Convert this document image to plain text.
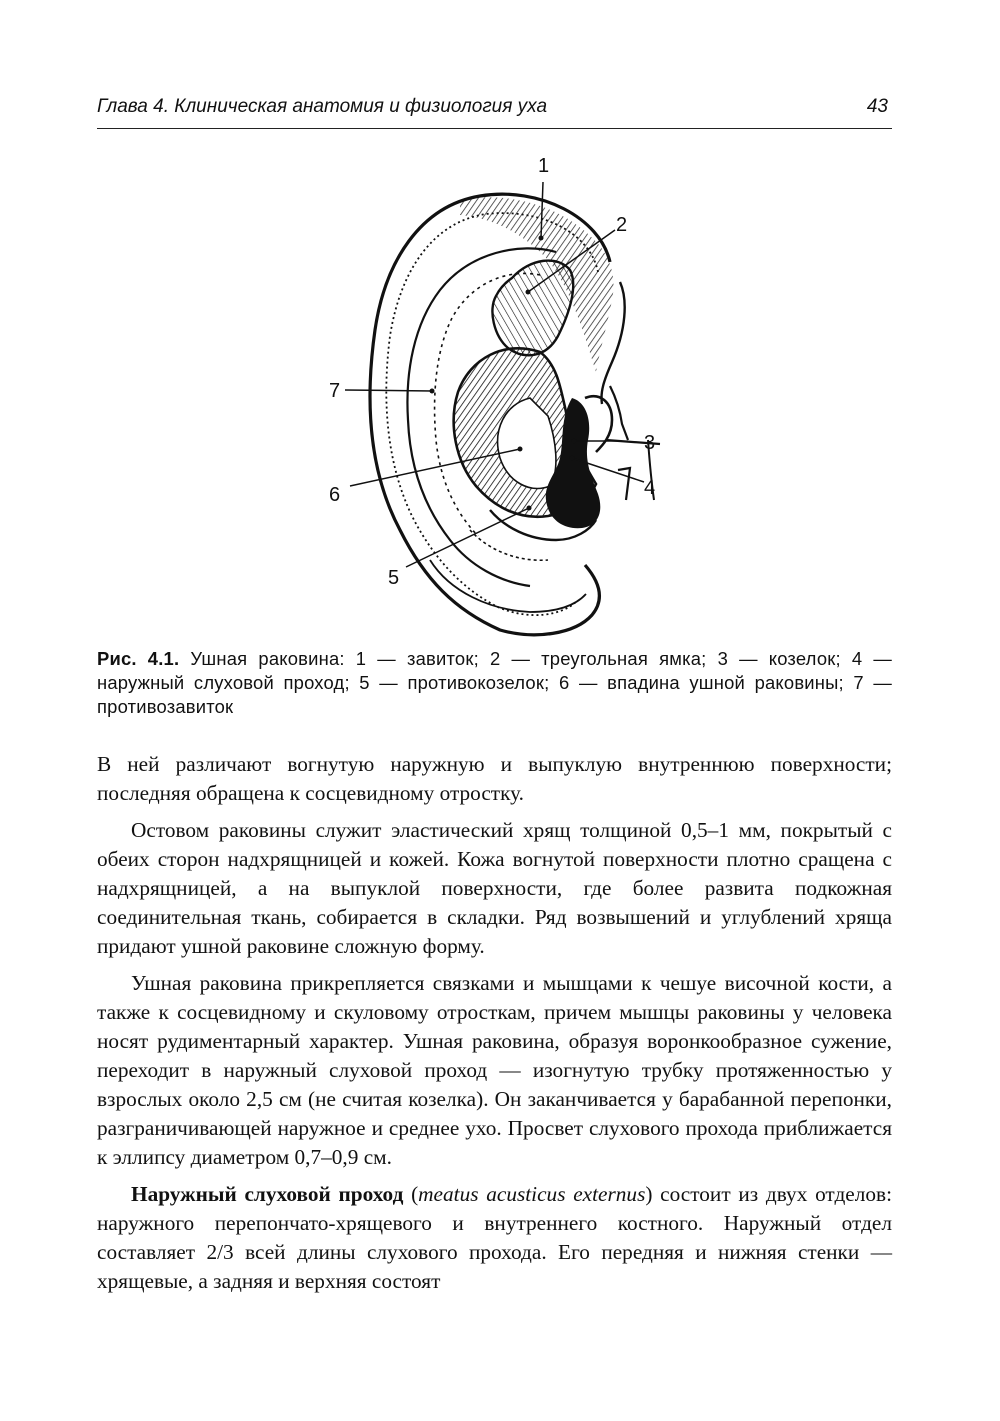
Глава 4. Клиническая анатомия и физиология уха	43
1
2
3
4
5
6
7
Рис. 4.1. Ушная раковина: 1 — завиток; 2 — треугольная ямка; 3 — козелок; 4 — наружный слуховой проход; 5 — противокозелок; 6 — впадина ушной раковины; 7 — противозавиток

В ней различают вогнутую наружную и выпуклую внутреннюю поверхности; последняя обращена к сосцевидному отростку.

Остовом раковины служит эластический хрящ толщиной 0,5–1 мм, покрытый с обеих сторон надхрящницей и кожей. Кожа вогнутой поверхности плотно сращена с надхрящницей, а на выпуклой поверхности, где более развита подкожная соединительная ткань, собирается в складки. Ряд возвышений и углублений хряща придают ушной раковине сложную форму.

Ушная раковина прикрепляется связками и мышцами к чешуе височной кости, а также к сосцевидному и скуловому отросткам, причем мышцы раковины у человека носят рудиментарный характер. Ушная раковина, образуя воронкообразное сужение, переходит в наружный слуховой проход — изогнутую трубку протяженностью у взрослых около 2,5 см (не считая козелка). Он заканчивается у барабанной перепонки, разграничивающей наружное и среднее ухо. Просвет слухового прохода приближается к эллипсу диаметром 0,7–0,9 см.

Наружный слуховой проход (meatus acusticus externus) состоит из двух отделов: наружного перепончато-хрящевого и внутреннего костного. Наружный отдел составляет 2/3 всей длины слухового прохода. Его передняя и нижняя стенки — хрящевые, а задняя и верхняя состоят
